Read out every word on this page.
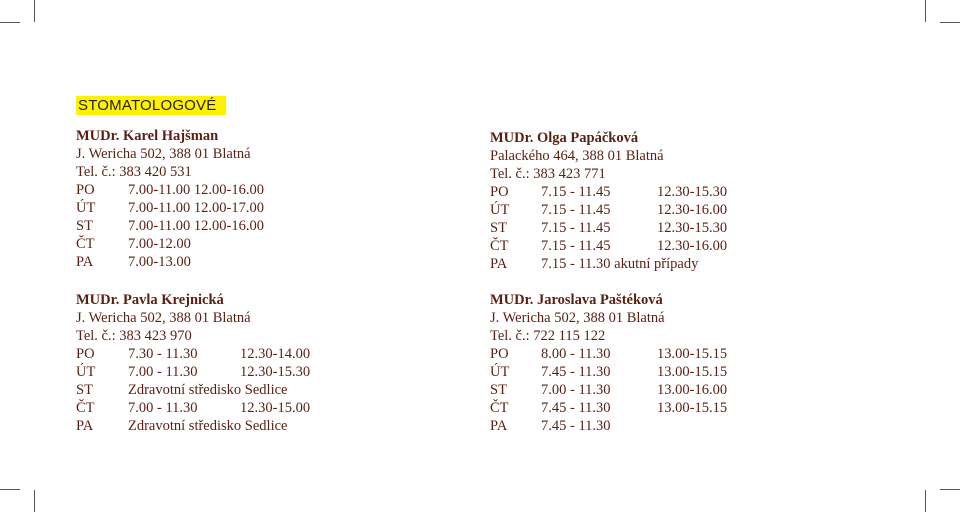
STOMATOLOGOVÉ
MUDr. Karel Hajšman
J. Wericha 502, 388 01 Blatná
Tel. č.: 383 420 531
PO	7.00-11.00 12.00-16.00
ÚT	7.00-11.00 12.00-17.00
ST	7.00-11.00 12.00-16.00
ČT	7.00-12.00
PA	7.00-13.00
MUDr. Pavla Krejnická
J. Wericha 502, 388 01 Blatná
Tel. č.: 383 423 970
PO	7.30 - 11.30	12.30-14.00
ÚT	7.00 - 11.30	12.30-15.30
ST	Zdravotní středisko Sedlice
ČT	7.00 - 11.30	12.30-15.00
PA	Zdravotní středisko Sedlice
MUDr. Olga Papáčková
Palackého 464, 388 01 Blatná
Tel. č.: 383 423 771
PO	7.15 - 11.45	12.30-15.30
ÚT	7.15 - 11.45	12.30-16.00
ST	7.15 - 11.45	12.30-15.30
ČT	7.15 - 11.45	12.30-16.00
PA	7.15 - 11.30 akutní případy
MUDr. Jaroslava Paštéková
J. Wericha 502, 388 01 Blatná
Tel. č.: 722 115 122
PO	8.00 - 11.30	13.00-15.15
ÚT	7.45 - 11.30	13.00-15.15
ST	7.00 - 11.30	13.00-16.00
ČT	7.45 - 11.30	13.00-15.15
PA	7.45 - 11.30
